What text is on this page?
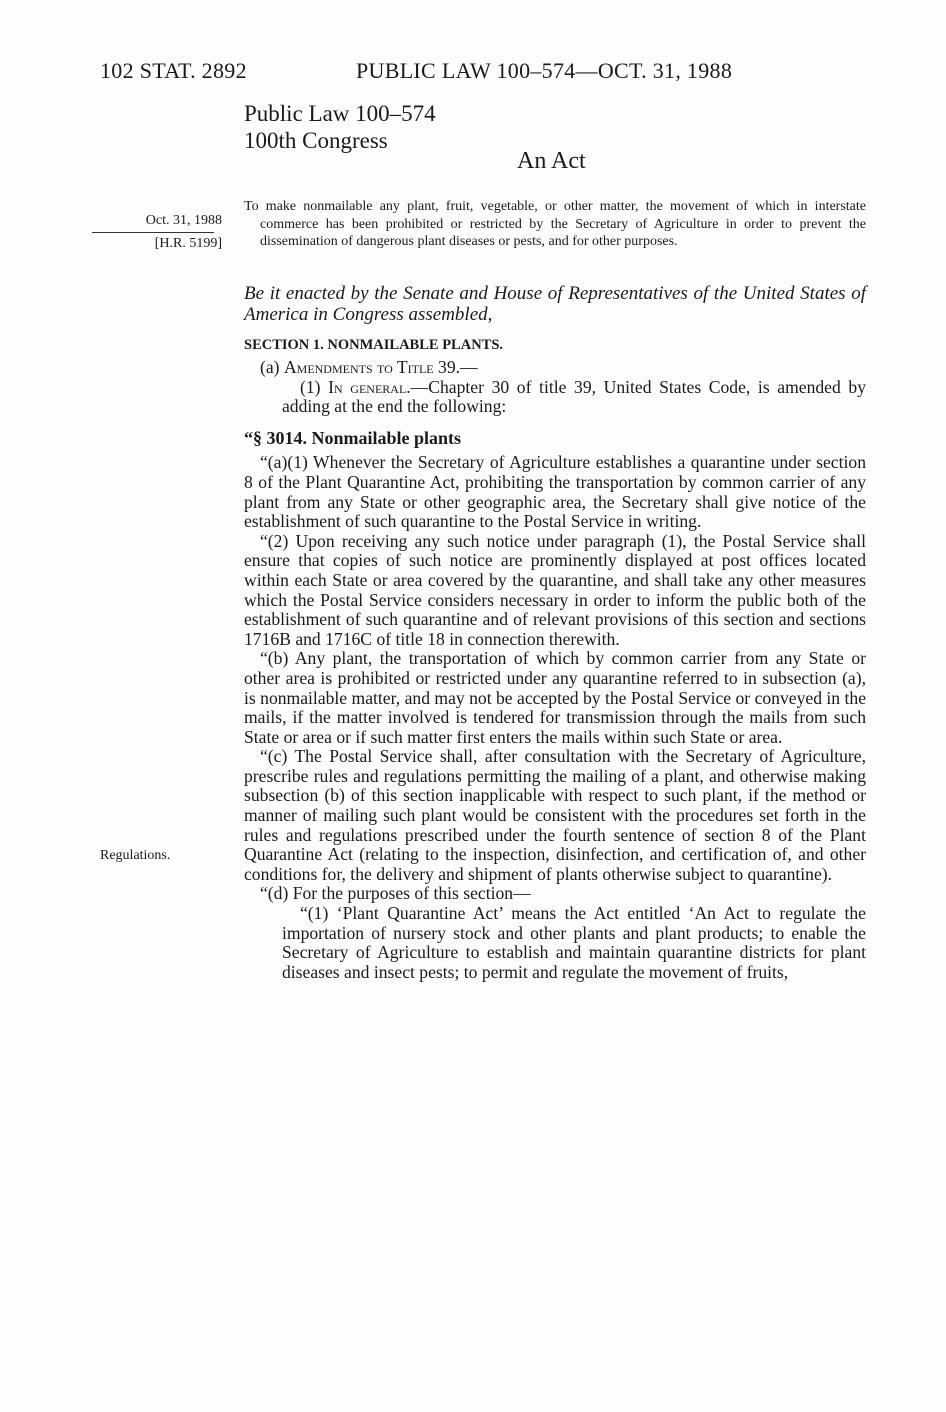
102 STAT. 2892	PUBLIC LAW 100–574—OCT. 31, 1988
Public Law 100–574
100th Congress
An Act
Oct. 31, 1988
[H.R. 5199]

To make nonmailable any plant, fruit, vegetable, or other matter, the movement of which in interstate commerce has been prohibited or restricted by the Secretary of Agriculture in order to prevent the dissemination of dangerous plant diseases or pests, and for other purposes.

Be it enacted by the Senate and House of Representatives of the United States of America in Congress assembled,
SECTION 1. NONMAILABLE PLANTS.

(a) Amendments to Title 39.—

(1) In general.—Chapter 30 of title 39, United States Code, is amended by adding at the end the following:

“§ 3014. Nonmailable plants

“(a)(1) Whenever the Secretary of Agriculture establishes a quarantine under section 8 of the Plant Quarantine Act, prohibiting the transportation by common carrier of any plant from any State or other geographic area, the Secretary shall give notice of the establishment of such quarantine to the Postal Service in writing.

“(2) Upon receiving any such notice under paragraph (1), the Postal Service shall ensure that copies of such notice are prominently displayed at post offices located within each State or area covered by the quarantine, and shall take any other measures which the Postal Service considers necessary in order to inform the public both of the establishment of such quarantine and of relevant provisions of this section and sections 1716B and 1716C of title 18 in connection therewith.

“(b) Any plant, the transportation of which by common carrier from any State or other area is prohibited or restricted under any quarantine referred to in subsection (a), is nonmailable matter, and may not be accepted by the Postal Service or conveyed in the mails, if the matter involved is tendered for transmission through the mails from such State or area or if such matter first enters the mails within such State or area.

“(c) The Postal Service shall, after consultation with the Secretary of Agriculture, prescribe rules and regulations permitting the mailing of a plant, and otherwise making subsection (b) of this section inapplicable with respect to such plant, if the method or manner of mailing such plant would be consistent with the procedures set forth in the rules and regulations prescribed under the fourth sentence of section 8 of the Plant Quarantine Act (relating to the inspection, disinfection, and certification of, and other conditions for, the delivery and shipment of plants otherwise subject to quarantine).

“(d) For the purposes of this section—

“(1) ‘Plant Quarantine Act’ means the Act entitled ‘An Act to regulate the importation of nursery stock and other plants and plant products; to enable the Secretary of Agriculture to establish and maintain quarantine districts for plant diseases and insect pests; to permit and regulate the movement of fruits,

Regulations.
